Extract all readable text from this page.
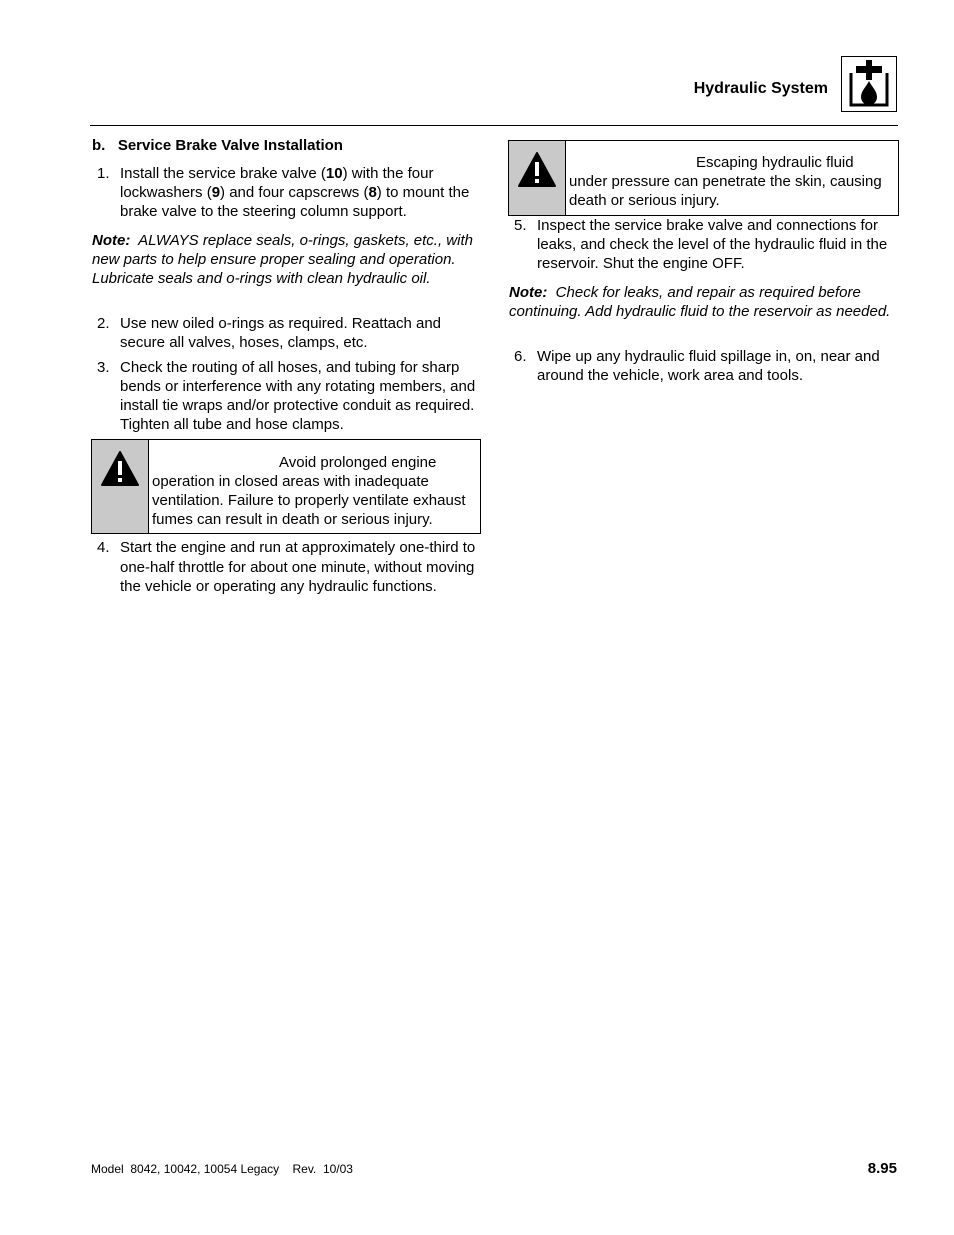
Hydraulic System

b.   Service Brake Valve Installation

1. Install the service brake valve (10) with the four lockwashers (9) and four capscrews (8) to mount the brake valve to the steering column support.
Note: ALWAYS replace seals, o-rings, gaskets, etc., with new parts to help ensure proper sealing and operation. Lubricate seals and o-rings with clean hydraulic oil.
2. Use new oiled o-rings as required. Reattach and secure all valves, hoses, clamps, etc.
3. Check the routing of all hoses, and tubing for sharp bends or interference with any rotating members, and install tie wraps and/or protective conduit as required. Tighten all tube and hose clamps.
4. Start the engine and run at approximately one-third to one-half throttle for about one minute, without moving the vehicle or operating any hydraulic functions.
Avoid prolonged engine
operation in closed areas with inadequate ventilation. Failure to properly ventilate exhaust fumes can result in death or serious injury.
Escaping hydraulic fluid
under pressure can penetrate the skin, causing death or serious injury.
5. Inspect the service brake valve and connections for leaks, and check the level of the hydraulic fluid in the reservoir. Shut the engine OFF.
Note: Check for leaks, and repair as required before continuing. Add hydraulic fluid to the reservoir as needed.
6. Wipe up any hydraulic fluid spillage in, on, near and around the vehicle, work area and tools.
Model  8042, 10042, 10054 Legacy    Rev.  10/03	8.95
